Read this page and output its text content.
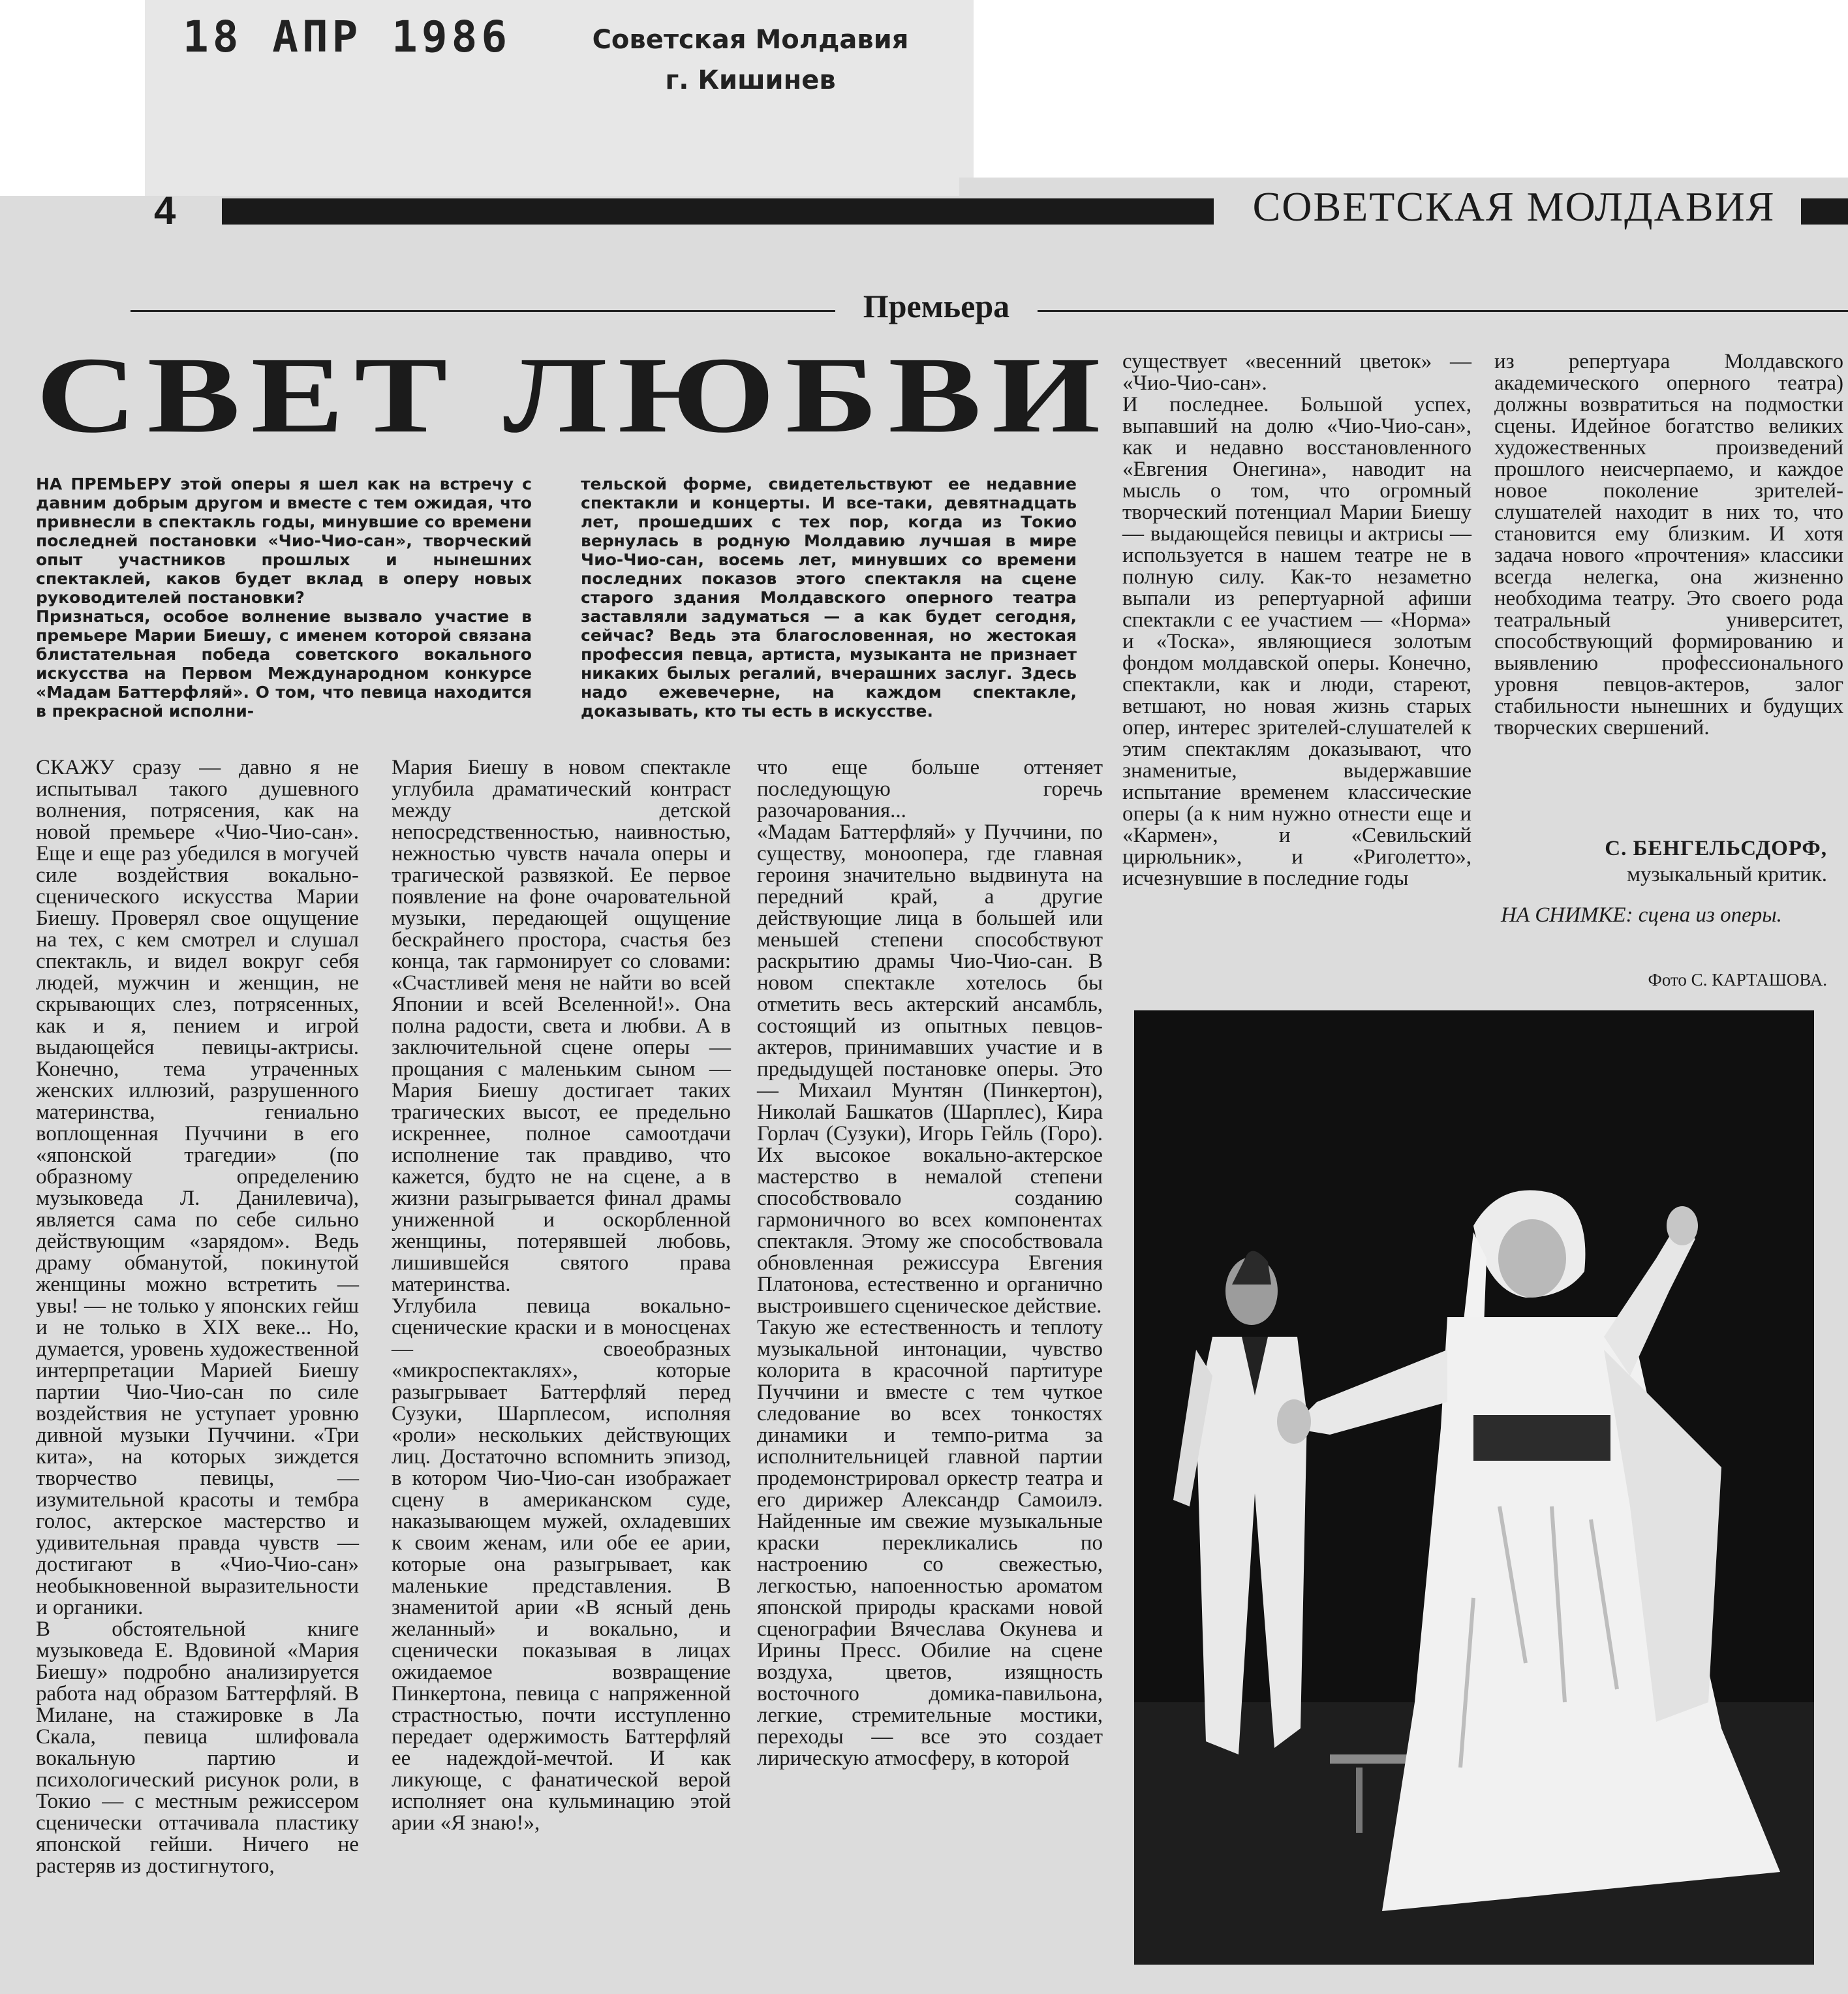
18 АПР 1986	Советская Молдавия
г. Кишинев
4	СОВЕТСКАЯ МОЛДАВИЯ
Премьера
СВЕТ ЛЮБВИ
НА ПРЕМЬЕРУ этой оперы я шел как на встречу с давним добрым другом и вместе с тем ожидая, что привнесли в спектакль годы, минувшие со времени последней постановки «Чио-Чио-сан», творческий опыт участников прошлых и нынешних спектаклей, каков будет вклад в оперу новых руководителей постановки?
Признаться, особое волнение вызвало участие в премьере Марии Биешу, с именем которой связана блистательная победа советского вокального искусства на Первом Международном конкурсе «Мадам Баттерфляй». О том, что певица находится в прекрасной исполни-
тельской форме, свидетельствуют ее недавние спектакли и концерты. И все-таки, девятнадцать лет, прошедших с тех пор, когда из Токио вернулась в родную Молдавию лучшая в мире Чио-Чио-сан, восемь лет, минувших со времени последних показов этого спектакля на сцене старого здания Молдавского оперного театра заставляли задуматься — а как будет сегодня, сейчас? Ведь эта благословенная, но жестокая профессия певца, артиста, музыканта не признает никаких былых регалий, вчерашних заслуг. Здесь надо ежевечерне, на каждом спектакле, доказывать, кто ты есть в искусстве.
СКАЖУ сразу — давно я не испытывал такого душевного волнения, потрясения, как на новой премьере «Чио-Чио-сан». Еще и еще раз убедился в могучей силе воздействия вокально-сценического искусства Марии Биешу. Проверял свое ощущение на тех, с кем смотрел и слушал спектакль, и видел вокруг себя людей, мужчин и женщин, не скрывающих слез, потрясенных, как и я, пением и игрой выдающейся певицы-актрисы. Конечно, тема утраченных женских иллюзий, разрушенного материнства, гениально воплощенная Пуччини в его «японской трагедии» (по образному определению музыковеда Л. Данилевича), является сама по себе сильно действующим «зарядом». Ведь драму обманутой, покинутой женщины можно встретить — увы! — не только у японских гейш и не только в XIX веке... Но, думается, уровень художественной интерпретации Марией Биешу партии Чио-Чио-сан по силе воздействия не уступает уровню дивной музыки Пуччини. «Три кита», на которых зиждется творчество певицы, — изумительной красоты и тембра голос, актерское мастерство и удивительная правда чувств — достигают в «Чио-Чио-сан» необыкновенной выразительности и органики.
В обстоятельной книге музыковеда Е. Вдовиной «Мария Биешу» подробно анализируется работа над образом Баттерфляй. В Милане, на стажировке в Ла Скала, певица шлифовала вокальную партию и психологический рисунок роли, в Токио — с местным режиссером сценически оттачивала пластику японской гейши. Ничего не растеряв из достигнутого,
Мария Биешу в новом спектакле углубила драматический контраст между детской непосредственностью, наивностью, нежностью чувств начала оперы и трагической развязкой. Ее первое появление на фоне очаровательной музыки, передающей ощущение бескрайнего простора, счастья без конца, так гармонирует со словами: «Счастливей меня не найти во всей Японии и всей Вселенной!». Она полна радости, света и любви. А в заключительной сцене оперы — прощания с маленьким сыном — Мария Биешу достигает таких трагических высот, ее предельно искреннее, полное самоотдачи исполнение так правдиво, что кажется, будто не на сцене, а в жизни разыгрывается финал драмы униженной и оскорбленной женщины, потерявшей любовь, лишившейся святого права материнства.
Углубила певица вокально-сценические краски и в моносценах — своеобразных «микроспектаклях», которые разыгрывает Баттерфляй перед Сузуки, Шарплесом, исполняя «роли» нескольких действующих лиц. Достаточно вспомнить эпизод, в котором Чио-Чио-сан изображает сцену в американском суде, наказывающем мужей, охладевших к своим женам, или обе ее арии, которые она разыгрывает, как маленькие представления. В знаменитой арии «В ясный день желанный» и вокально, и сценически показывая в лицах ожидаемое возвращение Пинкертона, певица с напряженной страстностью, почти исступленно передает одержимость Баттерфляй ее надеждой-мечтой. И как ликующе, с фанатической верой исполняет она кульминацию этой арии «Я знаю!»,
что еще больше оттеняет последующую горечь разочарования...
«Мадам Баттерфляй» у Пуччини, по существу, моноопера, где главная героиня значительно выдвинута на передний край, а другие действующие лица в большей или меньшей степени способствуют раскрытию драмы Чио-Чио-сан. В новом спектакле хотелось бы отметить весь актерский ансамбль, состоящий из опытных певцов-актеров, принимавших участие и в предыдущей постановке оперы. Это — Михаил Мунтян (Пинкертон), Николай Башкатов (Шарплес), Кира Горлач (Сузуки), Игорь Гейль (Горо). Их высокое вокально-актерское мастерство в немалой степени способствовало созданию гармоничного во всех компонентах спектакля. Этому же способствовала обновленная режиссура Евгения Платонова, естественно и органично выстроившего сценическое действие.
Такую же естественность и теплоту музыкальной интонации, чувство колорита в красочной партитуре Пуччини и вместе с тем чуткое следование во всех тонкостях динамики и темпо-ритма за исполнительницей главной партии продемонстрировал оркестр театра и его дирижер Александр Самоилэ. Найденные им свежие музыкальные краски перекликались по настроению со свежестью, легкостью, напоенностью ароматом японской природы красками новой сценографии Вячеслава Окунева и Ирины Пресс. Обилие на сцене воздуха, цветов, изящность восточного домика-павильона, легкие, стремительные мостики, переходы — все это создает лирическую атмосферу, в которой
существует «весенний цветок» — «Чио-Чио-сан».
И последнее. Большой успех, выпавший на долю «Чио-Чио-сан», как и недавно восстановленного «Евгения Онегина», наводит на мысль о том, что огромный творческий потенциал Марии Биешу — выдающейся певицы и актрисы — используется в нашем театре не в полную силу. Как-то незаметно выпали из репертуарной афиши спектакли с ее участием — «Норма» и «Тоска», являющиеся золотым фондом молдавской оперы. Конечно, спектакли, как и люди, стареют, ветшают, но новая жизнь старых опер, интерес зрителей-слушателей к этим спектаклям доказывают, что знаменитые, выдержавшие испытание временем классические оперы (а к ним нужно отнести еще и «Кармен», и «Севильский цирюльник», и «Риголетто», исчезнувшие в последние годы
из репертуара Молдавского академического оперного театра) должны возвратиться на подмостки сцены. Идейное богатство великих художественных произведений прошлого неисчерпаемо, и каждое новое поколение зрителей-слушателей находит в них то, что становится ему близким. И хотя задача нового «прочтения» классики всегда нелегка, она жизненно необходима театру. Это своего рода театральный университет, способствующий формированию и выявлению профессионального уровня певцов-актеров, залог стабильности нынешних и будущих творческих свершений.
С. БЕНГЕЛЬСДОРФ,
музыкальный критик.
НА СНИМКЕ: сцена из оперы.
Фото С. КАРТАШОВА.
